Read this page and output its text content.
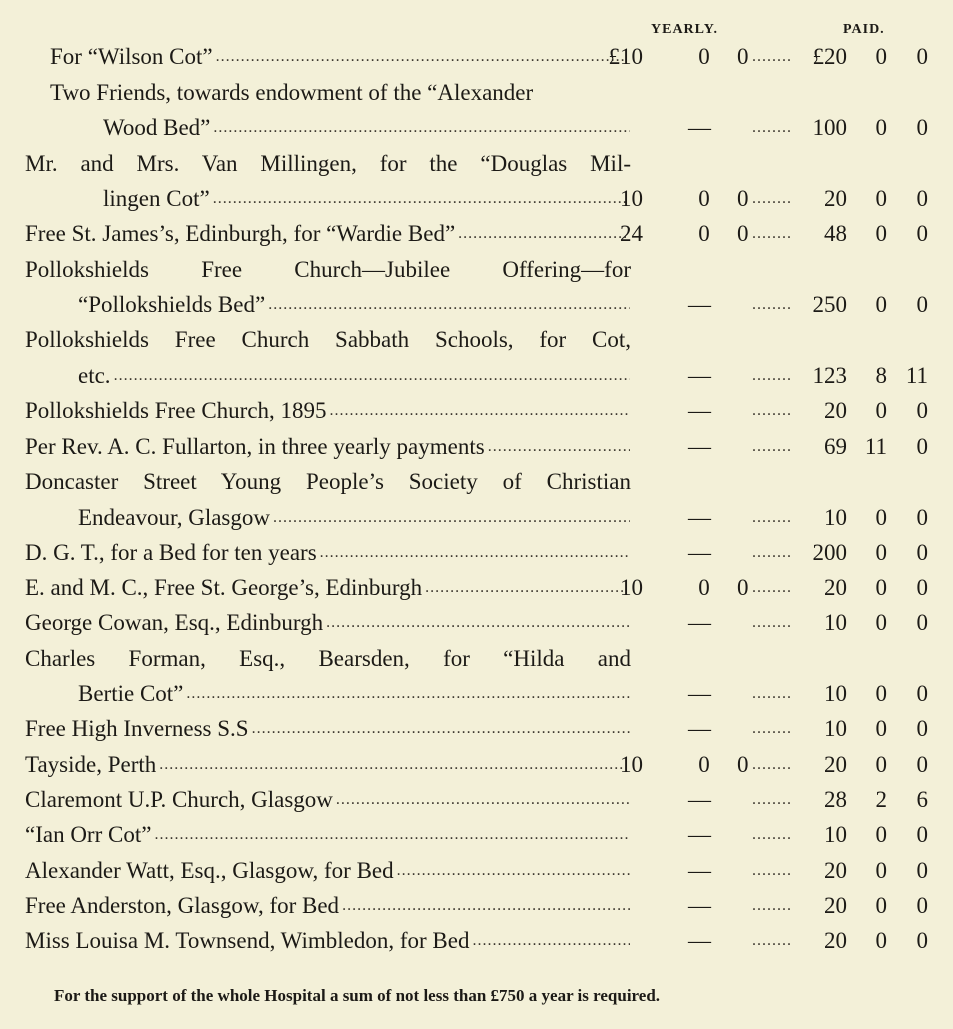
YEARLY.	PAID.
For “Wilson Cot” .....	£10 0 0 ........ £20 0 0
Two Friends, towards endowment of the “Alexander
Wood Bed” .....	—	........ 100 0 0
Mr. and Mrs. Van Millingen, for the “Douglas Mil-
lingen Cot” .....	10 0 0 ........ 20 0 0
Free St. James’s, Edinburgh, for “Wardie Bed” .....	24 0 0 ........ 48 0 0
Pollokshields Free Church—Jubilee Offering—for
“Pollokshields Bed” .....	—	........ 250 0 0
Pollokshields Free Church Sabbath Schools, for Cot,
etc. .....	—	........ 123 8 11
Pollokshields Free Church, 1895 .....	—	........ 20 0 0
Per Rev. A. C. Fullarton, in three yearly payments .....	—	........ 69 11 0
Doncaster Street Young People’s Society of Christian
Endeavour, Glasgow .....	—	........ 10 0 0
D. G. T., for a Bed for ten years .....	—	........ 200 0 0
E. and M. C., Free St. George’s, Edinburgh .....	10 0 0 ........ 20 0 0
George Cowan, Esq., Edinburgh .....	—	........ 10 0 0
Charles Forman, Esq., Bearsden, for “Hilda and
Bertie Cot” .....	—	........ 10 0 0
Free High Inverness S.S .....	—	........ 10 0 0
Tayside, Perth .....	10 0 0 ........ 20 0 0
Claremont U.P. Church, Glasgow .....	—	........ 28 2 6
“Ian Orr Cot” .....	—	........ 10 0 0
Alexander Watt, Esq., Glasgow, for Bed .....	—	........ 20 0 0
Free Anderston, Glasgow, for Bed .....	—	........ 20 0 0
Miss Louisa M. Townsend, Wimbledon, for Bed .....	—	........ 20 0 0
For the support of the whole Hospital a sum of not less than £750 a year is required.
